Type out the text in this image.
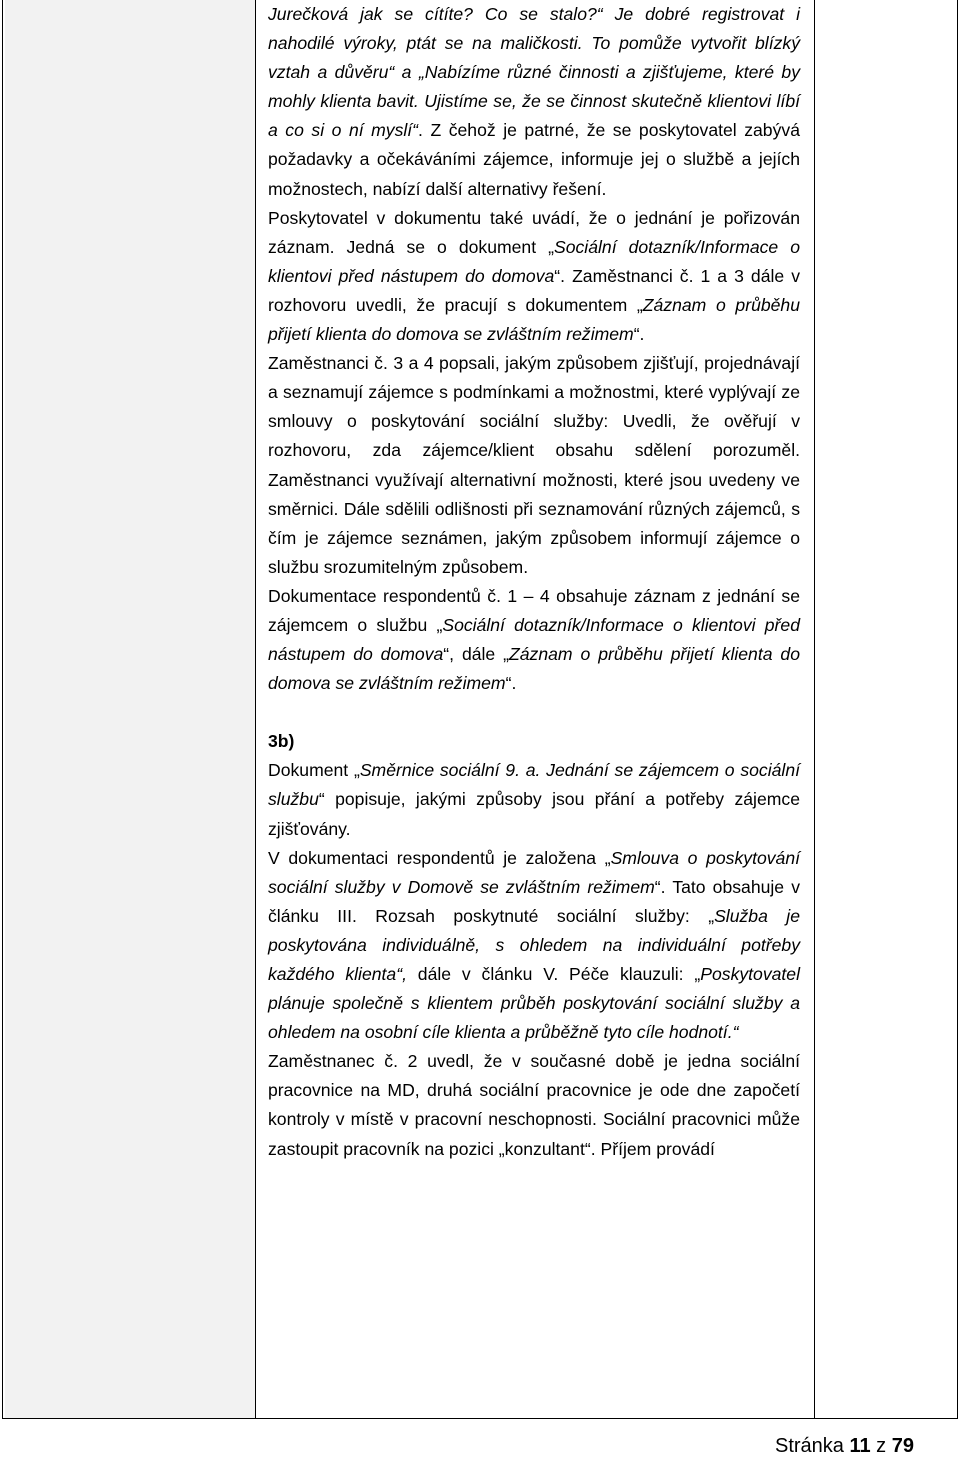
Jurečková jak se cítíte? Co se stalo?“ Je dobré registrovat i nahodilé výroky, ptát se na maličkosti. To pomůže vytvořit blízký vztah a důvěru“ a „Nabízíme různé činnosti a zjišťujeme, které by mohly klienta bavit. Ujistíme se, že se činnost skutečně klientovi líbí a co si o ní myslí“. Z čehož je patrné, že se poskytovatel zabývá požadavky a očekáváními zájemce, informuje jej o službě a jejích možnostech, nabízí další alternativy řešení.

Poskytovatel v dokumentu také uvádí, že o jednání je pořizován záznam. Jedná se o dokument „Sociální dotazník/Informace o klientovi před nástupem do domova“. Zaměstnanci č. 1 a 3 dále v rozhovoru uvedli, že pracují s dokumentem „Záznam o průběhu přijetí klienta do domova se zvláštním režimem“.

Zaměstnanci č. 3 a 4 popsali, jakým způsobem zjišťují, projednávají a seznamují zájemce s podmínkami a možnostmi, které vyplývají ze smlouvy o poskytování sociální služby: Uvedli, že ověřují v rozhovoru, zda zájemce/klient obsahu sdělení porozuměl. Zaměstnanci využívají alternativní možnosti, které jsou uvedeny ve směrnici. Dále sdělili odlišnosti při seznamování různých zájemců, s čím je zájemce seznámen, jakým způsobem informují zájemce o službu srozumitelným způsobem.

Dokumentace respondentů č. 1 – 4 obsahuje záznam z jednání se zájemcem o službu „Sociální dotazník/Informace o klientovi před nástupem do domova“, dále „Záznam o průběhu přijetí klienta do domova se zvláštním režimem“.

3b)

Dokument „Směrnice sociální 9. a. Jednání se zájemcem o sociální službu“ popisuje, jakými způsoby jsou přání a potřeby zájemce zjišťovány.

V dokumentaci respondentů je založena „Smlouva o poskytování sociální služby v Domově se zvláštním režimem“. Tato obsahuje v článku III. Rozsah poskytnuté sociální služby: „Služba je poskytována individuálně, s ohledem na individuální potřeby každého klienta“, dále v článku V. Péče klauzuli: „Poskytovatel plánuje společně s klientem průběh poskytování sociální služby a ohledem na osobní cíle klienta a průběžně tyto cíle hodnotí.“

Zaměstnanec č. 2 uvedl, že v současné době je jedna sociální pracovnice na MD, druhá sociální pracovnice je ode dne započetí kontroly v místě v pracovní neschopnosti. Sociální pracovnici může zastoupit pracovník na pozici „konzultant“. Příjem provádí

Stránka 11 z 79
